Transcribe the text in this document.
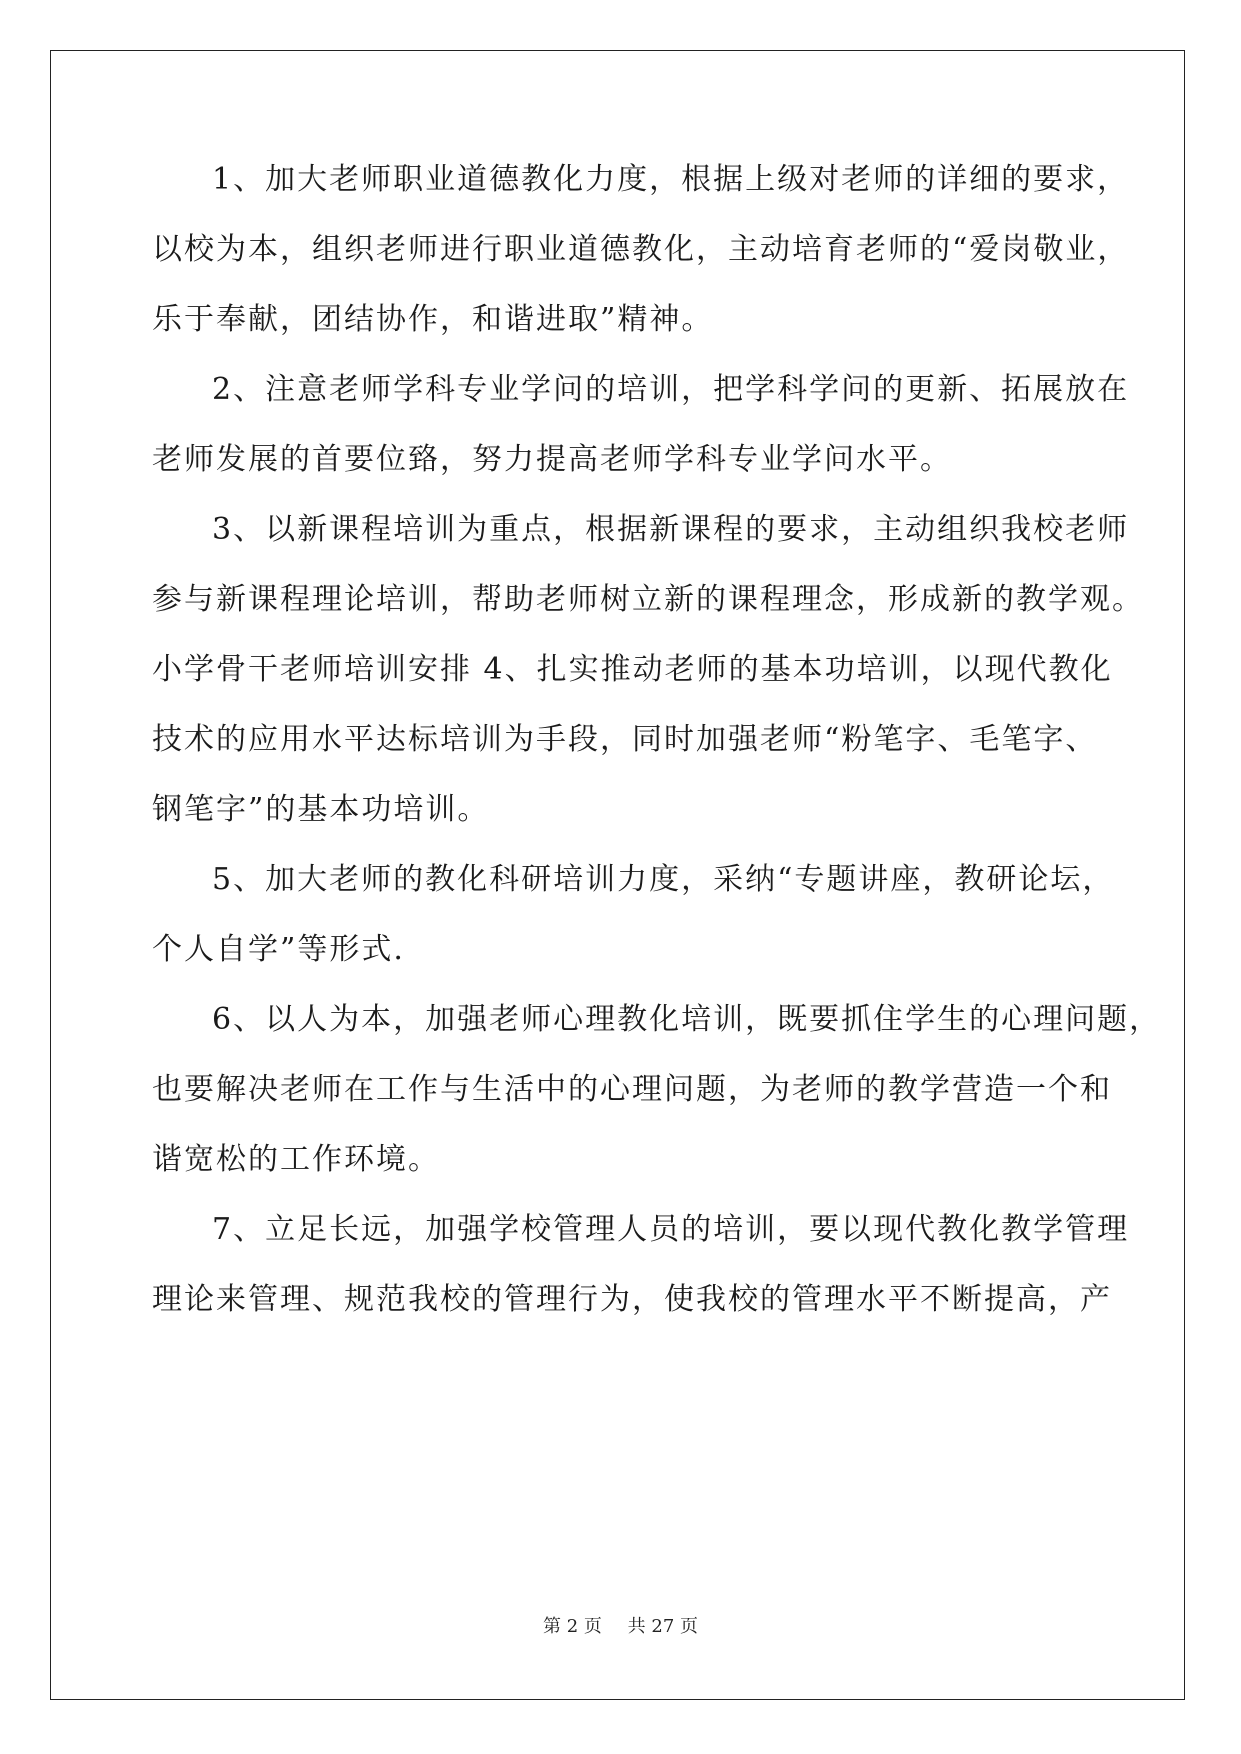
1、加大老师职业道德教化力度，根据上级对老师的详细的要求，
以校为本，组织老师进行职业道德教化，主动培育老师的“爱岗敬业，
乐于奉献，团结协作，和谐进取”精神。
2、注意老师学科专业学问的培训，把学科学问的更新、拓展放在
老师发展的首要位臵，努力提高老师学科专业学问水平。
3、以新课程培训为重点，根据新课程的要求，主动组织我校老师
参与新课程理论培训，帮助老师树立新的课程理念，形成新的教学观。
小学骨干老师培训安排 4、扎实推动老师的基本功培训，以现代教化
技术的应用水平达标培训为手段，同时加强老师“粉笔字、毛笔字、
钢笔字”的基本功培训。
5、加大老师的教化科研培训力度，采纳“专题讲座，教研论坛，
个人自学”等形式.
6、以人为本，加强老师心理教化培训，既要抓住学生的心理问题，
也要解决老师在工作与生活中的心理问题，为老师的教学营造一个和
谐宽松的工作环境。
7、立足长远，加强学校管理人员的培训，要以现代教化教学管理
理论来管理、规范我校的管理行为，使我校的管理水平不断提高，产
第 2 页 共 27 页
